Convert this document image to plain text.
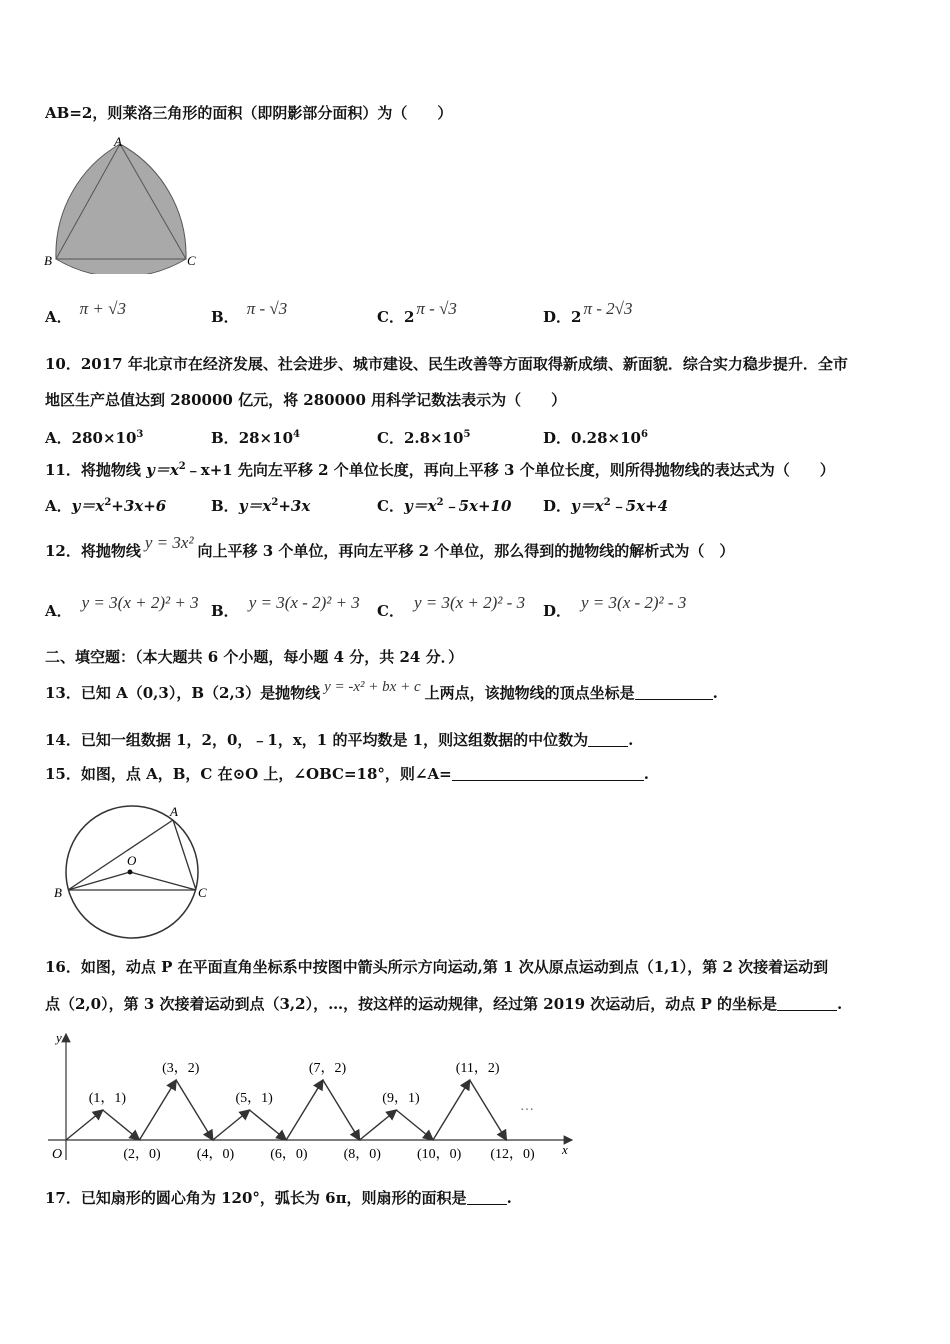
AB=2，则莱洛三角形的面积（即阴影部分面积）为（　　）
A
B	C
A． π + √3	B． π - √3	C．2 π - √3	D．2 π - 2√3
10．2017 年北京市在经济发展、社会进步、城市建设、民生改善等方面取得新成绩、新面貌．综合实力稳步提升．全市
地区生产总值达到 280000 亿元，将 280000 用科学记数法表示为（　　）
A．$280\times 10^3$	B．$28\times 10^4$	C．$2.8\times 10^5$	D．$0.28\times 10^6$
11．将抛物线 $y=x^2﹣x+1$ 先向左平移 2 个单位长度，再向上平移 3 个单位长度，则所得抛物线的表达式为（　　）
A．$y=x^2+3x+6$	B．$y=x^2+3x$	C．$y=x^2﹣5x+10$ D．$y=x^2﹣5x+4$
12．将抛物线 y = 3x² 向上平移 3 个单位，再向左平移 2 个单位，那么得到的抛物线的解析式为（　）
A． y = 3(x + 2)² + 3 B． y = 3(x - 2)² + 3 C． y = 3(x + 2)² - 3 D． y = 3(x - 2)² - 3
二、填空题：（本大题共 6 个小题，每小题 4 分，共 24 分．）
13．已知 A（0,3），B（2,3）是抛物线 y = -x² + bx + c 上两点，该抛物线的顶点坐标是	.
14．已知一组数据 1，2，0，﹣1，x，1 的平均数是 1，则这组数据的中位数为	.
15．如图，点 A，B，C 在⊙O 上，∠OBC=18°，则∠A=	.
A
B	C
O
16．如图，动点 P 在平面直角坐标系中按图中箭头所示方向运动,第 1 次从原点运动到点（1,1），第 2 次接着运动到
点（2,0），第 3 次接着运动到点（3,2），…，按这样的运动规律，经过第 2019 次运动后，动点 P 的坐标是	.
y
x
O
…
(1，1)
(3，2)
(5，1)
(7，2)
(9，1)
(11，2)
(2，0)	(4，0)	(6，0)	(8，0)	(10，0) (12，0)
17．已知扇形的圆心角为 120°，弧长为 6π，则扇形的面积是	.
